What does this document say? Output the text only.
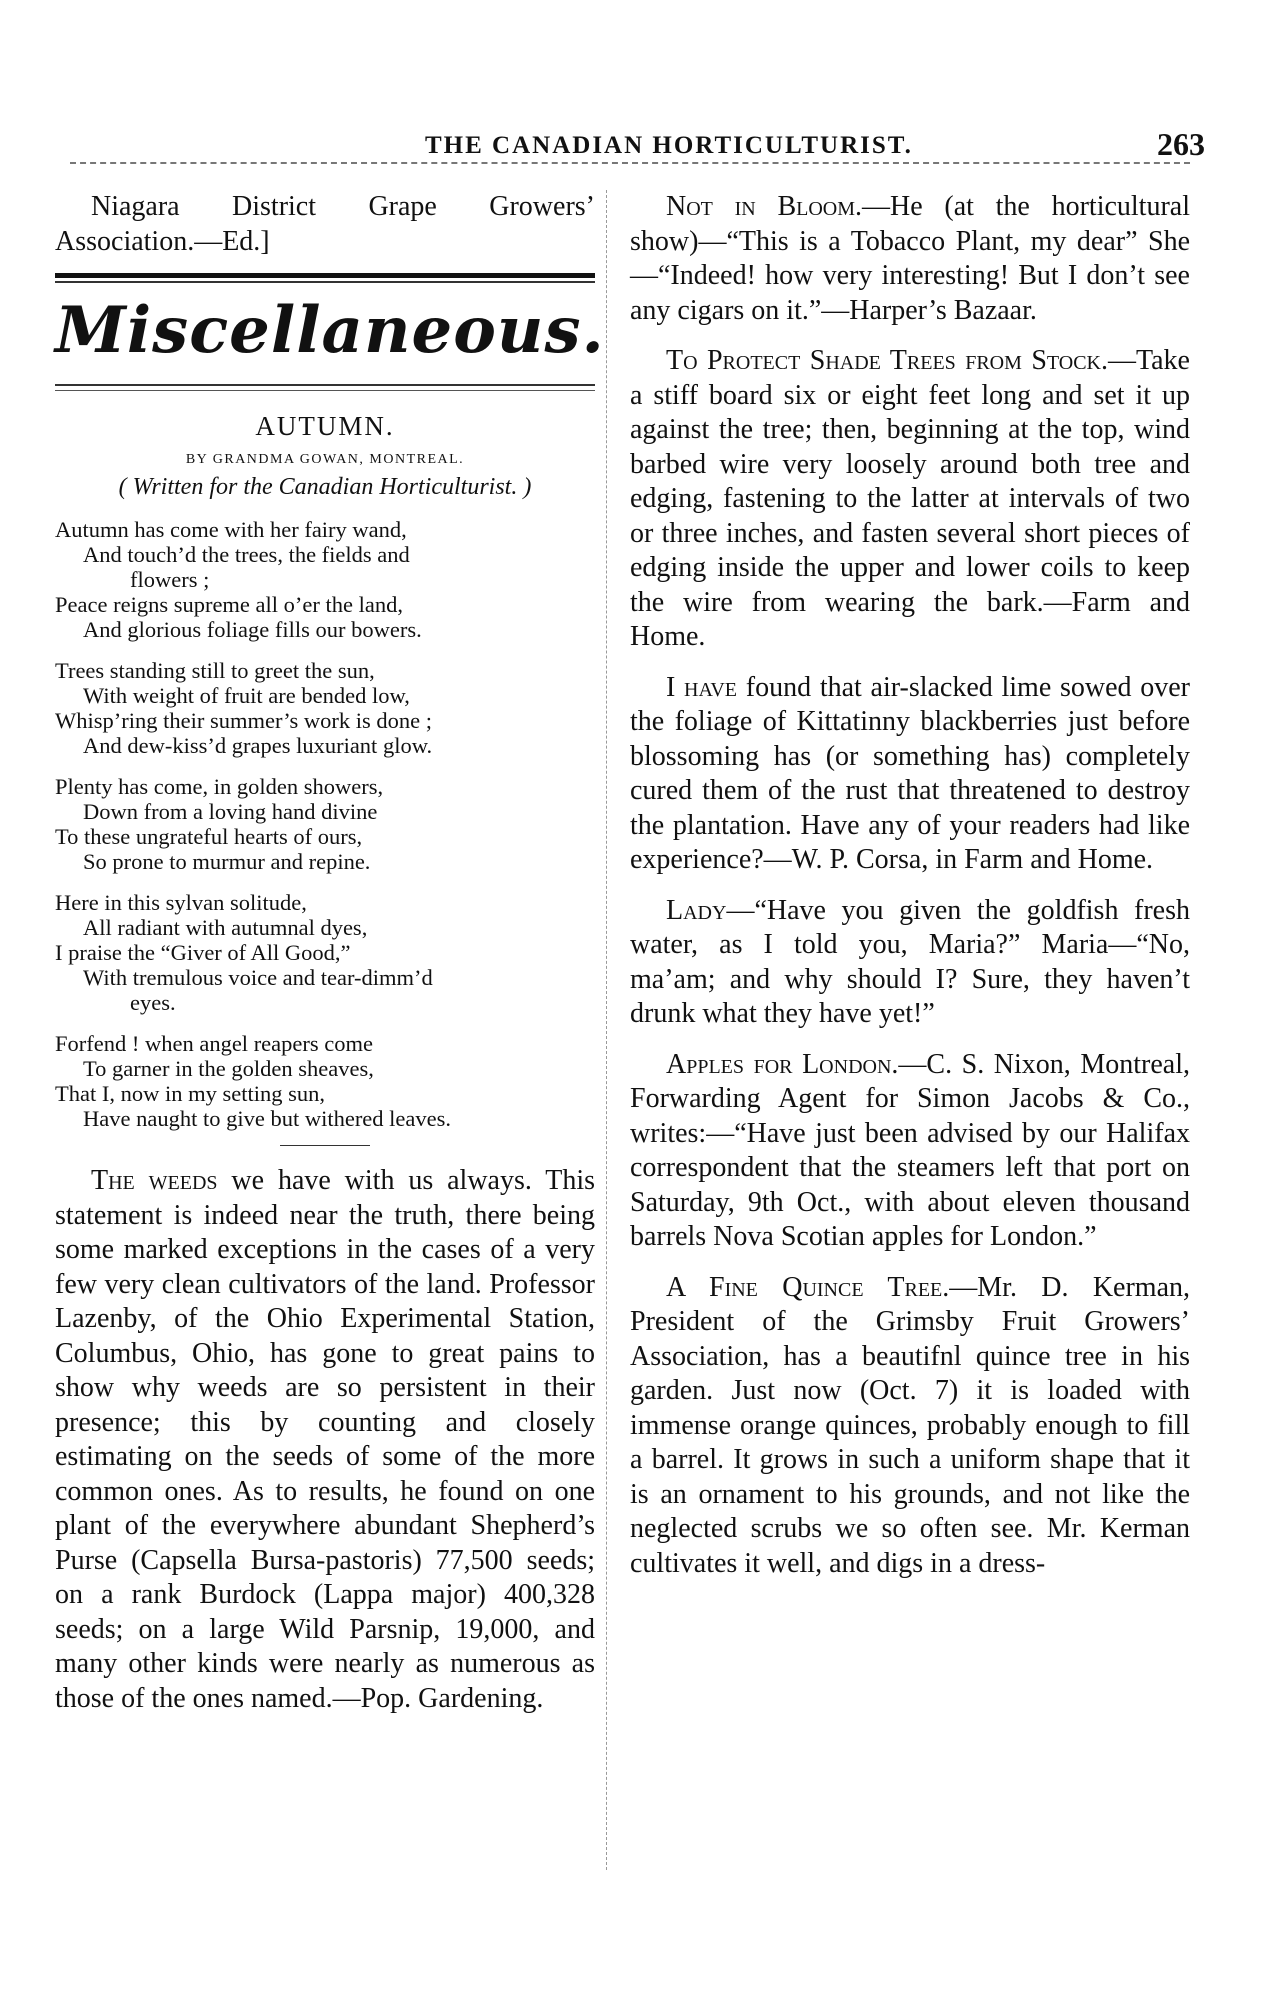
THE CANADIAN HORTICULTURIST.	263

Niagara District Grape Growers’ Association.—Ed.]

Miscellaneous.
AUTUMN.
BY GRANDMA GOWAN, MONTREAL.
( Written for the Canadian Horticulturist. )
Autumn has come with her fairy wand,
And touch’d the trees, the fields and
flowers ;
Peace reigns supreme all o’er the land,
And glorious foliage fills our bowers.
Trees standing still to greet the sun,
With weight of fruit are bended low,
Whisp’ring their summer’s work is done ;
And dew-kiss’d grapes luxuriant glow.
Plenty has come, in golden showers,
Down from a loving hand divine
To these ungrateful hearts of ours,
So prone to murmur and repine.
Here in this sylvan solitude,
All radiant with autumnal dyes,
I praise the “Giver of All Good,”
With tremulous voice and tear-dimm’d
eyes.
Forfend ! when angel reapers come
To garner in the golden sheaves,
That I, now in my setting sun,
Have naught to give but withered leaves.

The weeds we have with us always. This statement is indeed near the truth, there being some marked exceptions in the cases of a very few very clean cultivators of the land. Professor Lazenby, of the Ohio Experimental Station, Columbus, Ohio, has gone to great pains to show why weeds are so persistent in their presence; this by counting and closely estimating on the seeds of some of the more common ones. As to results, he found on one plant of the everywhere abundant Shepherd’s Purse (Capsella Bursa-pastoris) 77,500 seeds; on a rank Burdock (Lappa major) 400,328 seeds; on a large Wild Parsnip, 19,000, and many other kinds were nearly as numerous as those of the ones named.—Pop. Gardening.

Not in Bloom.—He (at the horticultural show)—“This is a Tobacco Plant, my dear” She—“Indeed! how very interesting! But I don’t see any cigars on it.”—Harper’s Bazaar.

To Protect Shade Trees from Stock.—Take a stiff board six or eight feet long and set it up against the tree; then, beginning at the top, wind barbed wire very loosely around both tree and edging, fastening to the latter at intervals of two or three inches, and fasten several short pieces of edging inside the upper and lower coils to keep the wire from wearing the bark.—Farm and Home.

I have found that air-slacked lime sowed over the foliage of Kittatinny blackberries just before blossoming has (or something has) completely cured them of the rust that threatened to destroy the plantation. Have any of your readers had like experience?—W. P. Corsa, in Farm and Home.

Lady—“Have you given the goldfish fresh water, as I told you, Maria?” Maria—“No, ma’am; and why should I? Sure, they haven’t drunk what they have yet!”

Apples for London.—C. S. Nixon, Montreal, Forwarding Agent for Simon Jacobs & Co., writes:—“Have just been advised by our Halifax correspondent that the steamers left that port on Saturday, 9th Oct., with about eleven thousand barrels Nova Scotian apples for London.”

A Fine Quince Tree.—Mr. D. Kerman, President of the Grimsby Fruit Growers’ Association, has a beautifnl quince tree in his garden. Just now (Oct. 7) it is loaded with immense orange quinces, probably enough to fill a barrel. It grows in such a uniform shape that it is an ornament to his grounds, and not like the neglected scrubs we so often see. Mr. Kerman cultivates it well, and digs in a dress-
